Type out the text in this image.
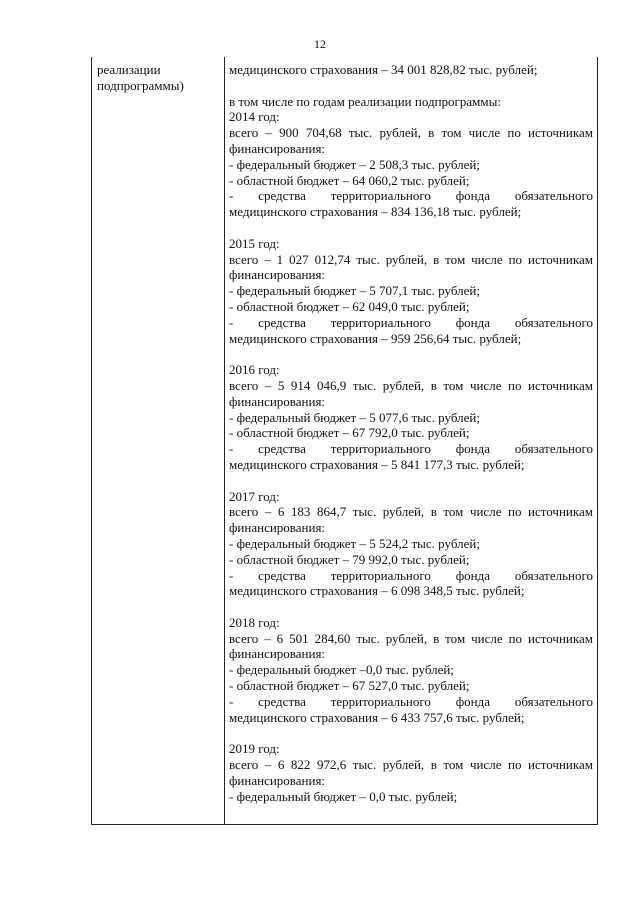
12
реализации
подпрограммы)
медицинского страхования – 34 001 828,82 тыс. рублей;
в том числе по годам реализации подпрограммы:
2014 год:
всего – 900 704,68 тыс. рублей, в том числе по источникам
финансирования:
- федеральный бюджет – 2 508,3 тыс. рублей;
- областной бюджет – 64 060,2 тыс. рублей;
- средства территориального фонда обязательного
медицинского страхования – 834 136,18 тыс. рублей;
2015 год:
всего – 1 027 012,74 тыс. рублей, в том числе по источникам
финансирования:
- федеральный бюджет – 5 707,1 тыс. рублей;
- областной бюджет – 62 049,0 тыс. рублей;
- средства территориального фонда обязательного
медицинского страхования – 959 256,64 тыс. рублей;
2016 год:
всего – 5 914 046,9 тыс. рублей, в том числе по источникам
финансирования:
- федеральный бюджет – 5 077,6 тыс. рублей;
- областной бюджет – 67 792,0 тыс. рублей;
- средства территориального фонда обязательного
медицинского страхования – 5 841 177,3 тыс. рублей;
2017 год:
всего – 6 183 864,7 тыс. рублей, в том числе по источникам
финансирования:
- федеральный бюджет – 5 524,2 тыс. рублей;
- областной бюджет – 79 992,0 тыс. рублей;
- средства территориального фонда обязательного
медицинского страхования – 6 098 348,5 тыс. рублей;
2018 год:
всего – 6 501 284,60 тыс. рублей, в том числе по источникам
финансирования:
- федеральный бюджет –0,0 тыс. рублей;
- областной бюджет – 67 527,0 тыс. рублей;
- средства территориального фонда обязательного
медицинского страхования – 6 433 757,6 тыс. рублей;
2019 год:
всего – 6 822 972,6 тыс. рублей, в том числе по источникам
финансирования:
- федеральный бюджет – 0,0 тыс. рублей;
